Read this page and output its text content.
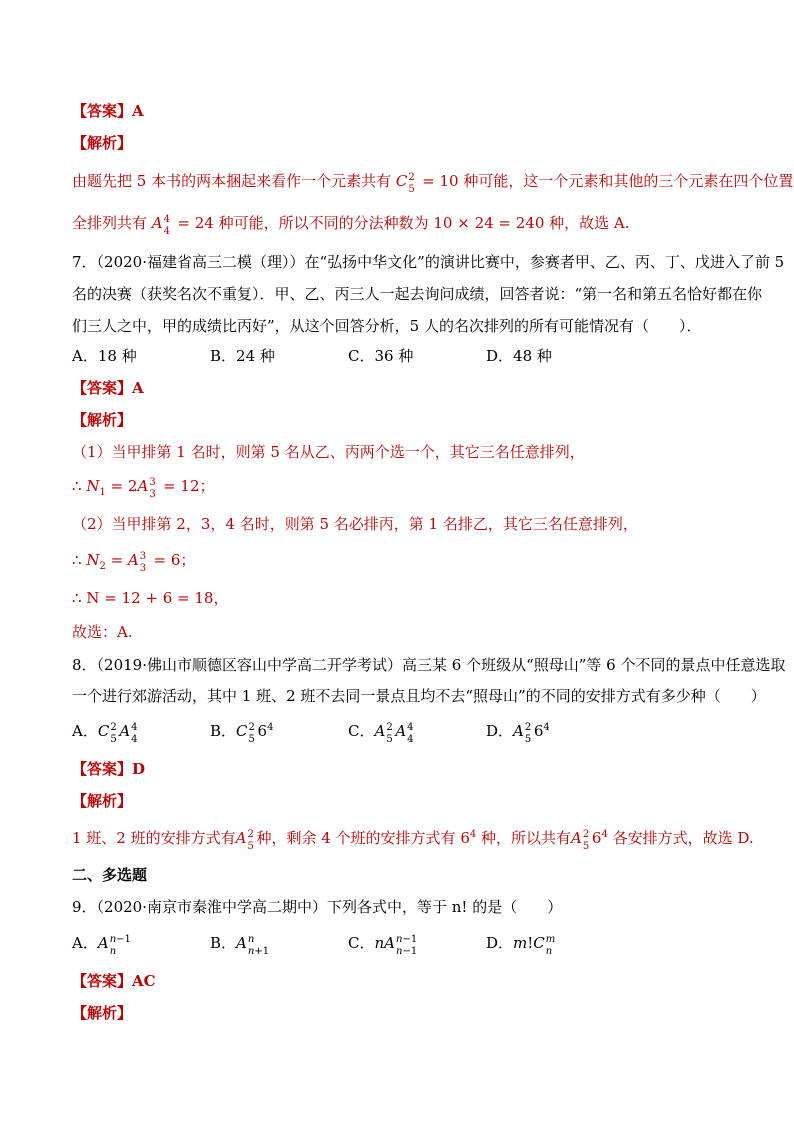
【答案】A
【解析】
由题先把 5 本书的两本捆起来看作一个元素共有 C 2
5 = 10 种可能，这一个元素和其他的三个元素在四个位置
全排列共有 A 4
4 = 24 种可能，所以不同的分法种数为 10 × 24 = 240 种，故选 A.
7．（2020·福建省高三二模（理））在“弘扬中华文化”的演讲比赛中，参赛者甲、乙、丙、丁、戊进入了前 5
名的决赛（获奖名次不重复）．甲、乙、丙三人一起去询问成绩，回答者说：“第一名和第五名恰好都在你
们三人之中，甲的成绩比丙好”，从这个回答分析，5 人的名次排列的所有可能情况有（　　）．
A．18 种	B．24 种	C．36 种	D．48 种
【答案】A
【解析】
（1）当甲排第 1 名时，则第 5 名从乙、丙两个选一个，其它三名任意排列，
∴ $N_1 = 2A$ 3
3 = 12；
（2）当甲排第 2，3，4 名时，则第 5 名必排丙，第 1 名排乙，其它三名任意排列，
∴ $N_2 = A$ 3
3 = 6；
∴ N = 12 + 6 = 18，
故选：A.
8．（2019·佛山市顺德区容山中学高二开学考试）高三某 6 个班级从“照母山”等 6 个不同的景点中任意选取
一个进行郊游活动，其中 1 班、2 班不去同一景点且均不去“照母山”的不同的安排方式有多少种（　　）
A．C 2
5 A 4
4	B．C 2
5 $6^4$	C．A 2
5 A 4
4	D．A 2
5 $6^4$
【答案】D
【解析】
1 班、2 班的安排方式有A 2
5 种，剩余 4 个班的安排方式有 $6^4$ 种，所以共有A 2
5 $6^4$ 各安排方式，故选 D.
二、多选题
9．（2020·南京市秦淮中学高二期中）下列各式中，等于 n! 的是（　　）
A．A n−1
n	B．A n
n+1	C．nA n−1
n−1	D．m!C m
n
【答案】AC
【解析】
